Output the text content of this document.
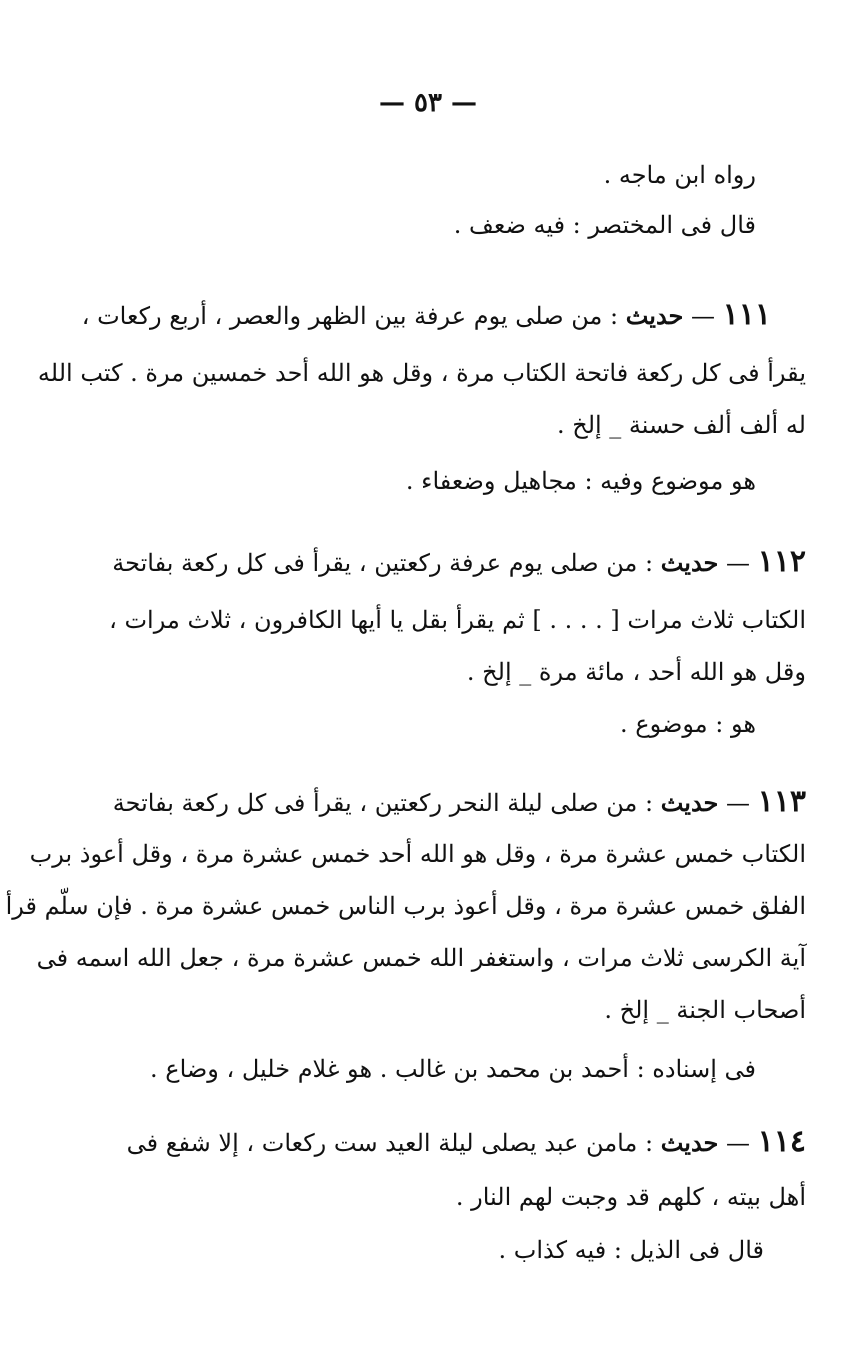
— ٥٣ —
رواه ابن ماجه .
قال فى المختصر : فيه ضعف .
١١١ — حديث : من صلى يوم عرفة بين الظهر والعصر ، أربع ركعات ،
يقرأ فى كل ركعة فاتحة الكتاب مرة ، وقل هو الله أحد خمسين مرة . كتب الله
له ألف ألف حسنة _ إلخ .
هو موضوع وفيه : مجاهيل وضعفاء .
١١٢ — حديث : من صلى يوم عرفة ركعتين ، يقرأ فى كل ركعة بفاتحة
الكتاب ثلاث مرات [ . . . . ] ثم يقرأ بقل يا أيها الكافرون ، ثلاث مرات ،
وقل هو الله أحد ، مائة مرة _ إلخ .
هو : موضوع .
١١٣ — حديث : من صلى ليلة النحر ركعتين ، يقرأ فى كل ركعة بفاتحة
الكتاب خمس عشرة مرة ، وقل هو الله أحد خمس عشرة مرة ، وقل أعوذ برب
الفلق خمس عشرة مرة ، وقل أعوذ برب الناس خمس عشرة مرة . فإن سلّم قرأ
آية الكرسى ثلاث مرات ، واستغفر الله خمس عشرة مرة ، جعل الله اسمه فى
أصحاب الجنة _ إلخ .
فى إسناده : أحمد بن محمد بن غالب . هو غلام خليل ، وضاع .
١١٤ — حديث : مامن عبد يصلى ليلة العيد ست ركعات ، إلا شفع فى
أهل بيته ، كلهم قد وجبت لهم النار .
قال فى الذيل : فيه كذاب .
